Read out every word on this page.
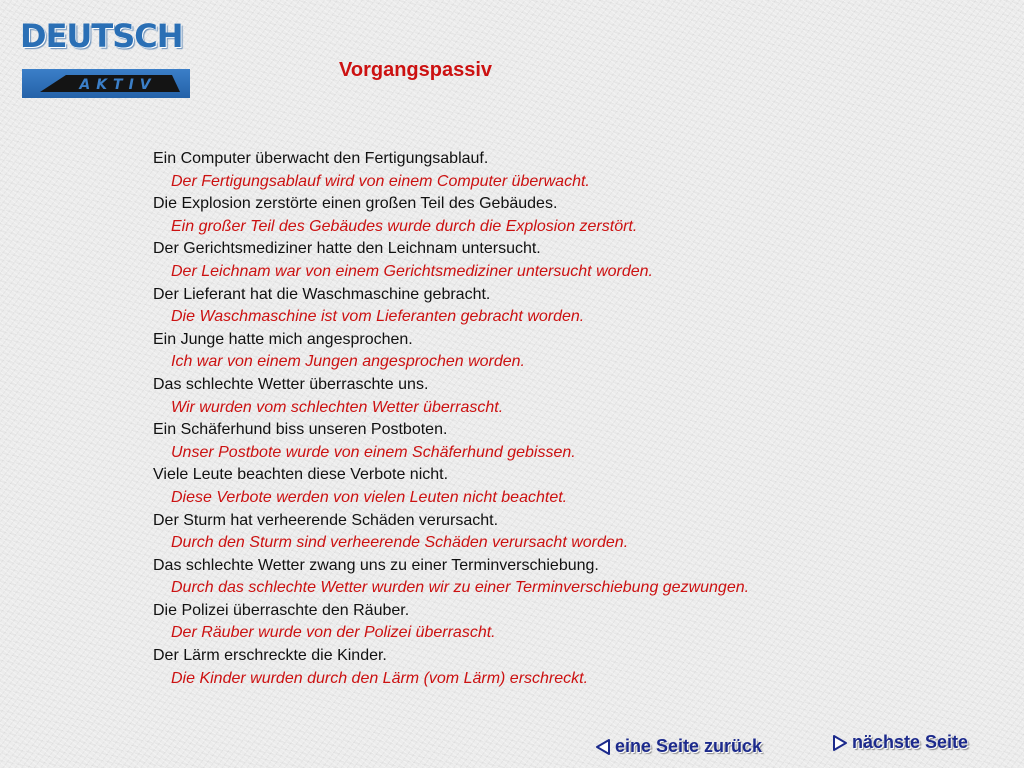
DEUTSCH
AKTIV
Vorgangspassiv
Ein Computer überwacht den Fertigungsablauf.
Der Fertigungsablauf wird von einem Computer überwacht.
Die Explosion zerstörte einen großen Teil des Gebäudes.
Ein großer Teil des Gebäudes wurde durch die Explosion zerstört.
Der Gerichtsmediziner hatte den Leichnam untersucht.
Der Leichnam war von einem Gerichtsmediziner untersucht worden.
Der Lieferant hat die Waschmaschine gebracht.
Die Waschmaschine ist vom Lieferanten gebracht worden.
Ein Junge hatte mich angesprochen.
Ich war von einem Jungen angesprochen worden.
Das schlechte Wetter überraschte uns.
Wir wurden vom schlechten Wetter überrascht.
Ein Schäferhund biss unseren Postboten.
Unser Postbote wurde von einem Schäferhund gebissen.
Viele Leute beachten diese Verbote nicht.
Diese Verbote werden von vielen Leuten nicht beachtet.
Der Sturm hat verheerende Schäden verursacht.
Durch den Sturm sind verheerende Schäden verursacht worden.
Das schlechte Wetter zwang uns zu einer Terminverschiebung.
Durch das schlechte Wetter wurden wir zu einer Terminverschiebung gezwungen.
Die Polizei überraschte den Räuber.
Der Räuber wurde von der Polizei überrascht.
Der Lärm erschreckte die Kinder.
Die Kinder wurden durch den Lärm (vom Lärm) erschreckt.
eine Seite zurück	nächste Seite
